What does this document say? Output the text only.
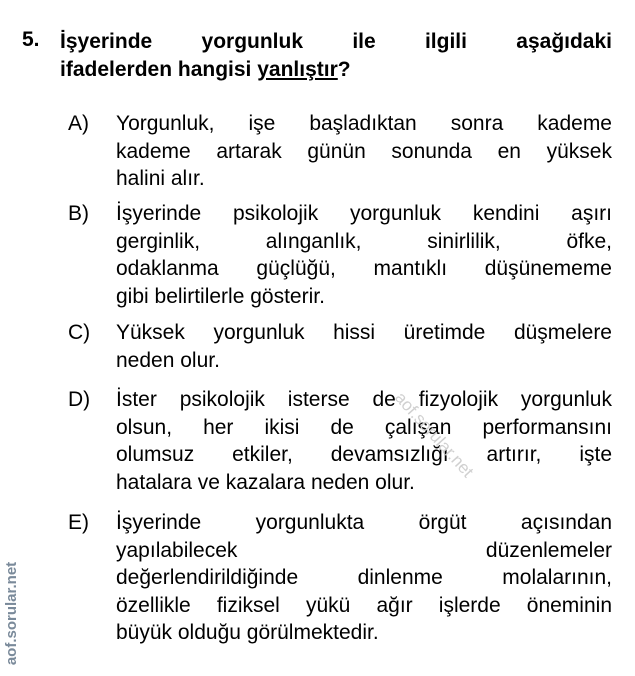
5. İşyerinde yorgunluk ile ilgili aşağıdaki
ifadelerden hangisi yanlıştır?
A) Yorgunluk, işe başladıktan sonra kademe
kademe artarak günün sonunda en yüksek
halini alır.
B) İşyerinde psikolojik yorgunluk kendini aşırı
gerginlik, alınganlık, sinirlilik, öfke,
odaklanma güçlüğü, mantıklı düşünememe
gibi belirtilerle gösterir.
C) Yüksek yorgunluk hissi üretimde düşmelere
neden olur.
D) İster psikolojik isterse de fizyolojik yorgunluk
olsun, her ikisi de çalışan performansını
olumsuz etkiler, devamsızlığı artırır, işte
hatalara ve kazalara neden olur.
E) İşyerinde yorgunlukta örgüt açısından
yapılabilecek düzenlemeler
değerlendirildiğinde dinlenme molalarının,
özellikle fiziksel yükü ağır işlerde öneminin
büyük olduğu görülmektedir.
aof.sorular.net
aof.sorular.net
